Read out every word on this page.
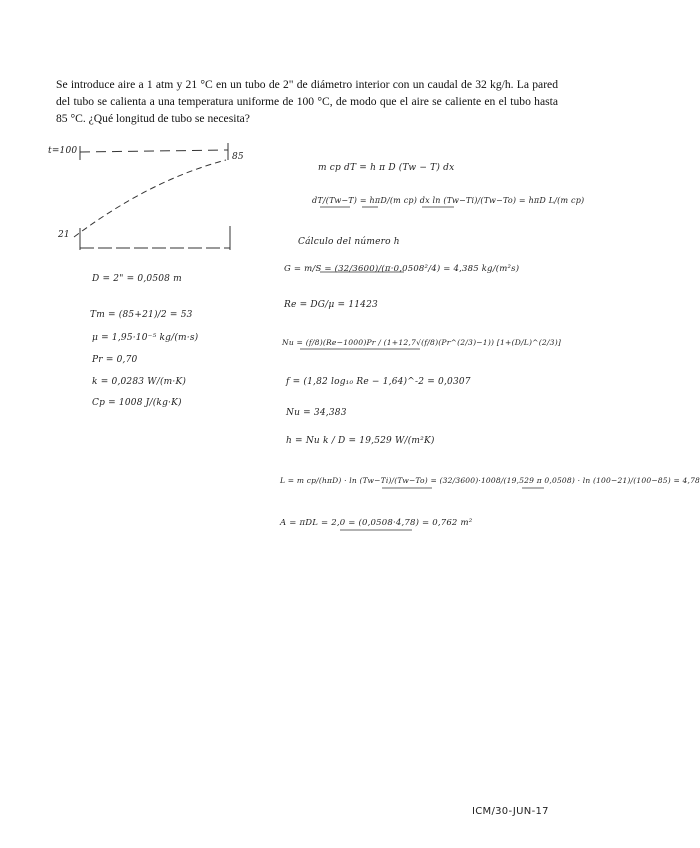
Se introduce aire a 1 atm y 21 °C en un tubo de 2" de diámetro interior con un caudal de 32 kg/h. La pared del tubo se calienta a una temperatura uniforme de 100 °C, de modo que el aire se caliente en el tubo hasta 85 °C. ¿Qué longitud de tubo se necesita?
t=100
85
21
D = 2" = 0,0508 m
Tm = (85+21)/2 = 53
μ = 1,95·10⁻⁵ kg/(m·s)
Pr = 0,70
k = 0,0283 W/(m·K)
Cp = 1008 J/(kg·K)
m cp dT = h π D (Tw − T) dx
dT/(Tw−T) = hπD/(m cp) dx ln (Tw−Ti)/(Tw−To) = hπD L/(m cp)
Cálculo del número h
G = m/S = (32/3600)/(π·0,0508²/4) = 4,385 kg/(m²s)
Re = DG/μ = 11423
Nu = (f/8)(Re−1000)Pr / (1+12,7√(f/8)(Pr^(2/3)−1)) [1+(D/L)^(2/3)]
f = (1,82 log₁₀ Re − 1,64)^-2 = 0,0307
Nu = 34,383
h = Nu k / D = 19,529 W/(m²K)
L = m cp/(hπD) · ln (Tw−Ti)/(Tw−To) = (32/3600)·1008/(19,529 π 0,0508) · ln (100−21)/(100−85) = 4,78
A = πDL = 2,0 = (0,0508·4,78) = 0,762 m²
ICM/30-JUN-17
